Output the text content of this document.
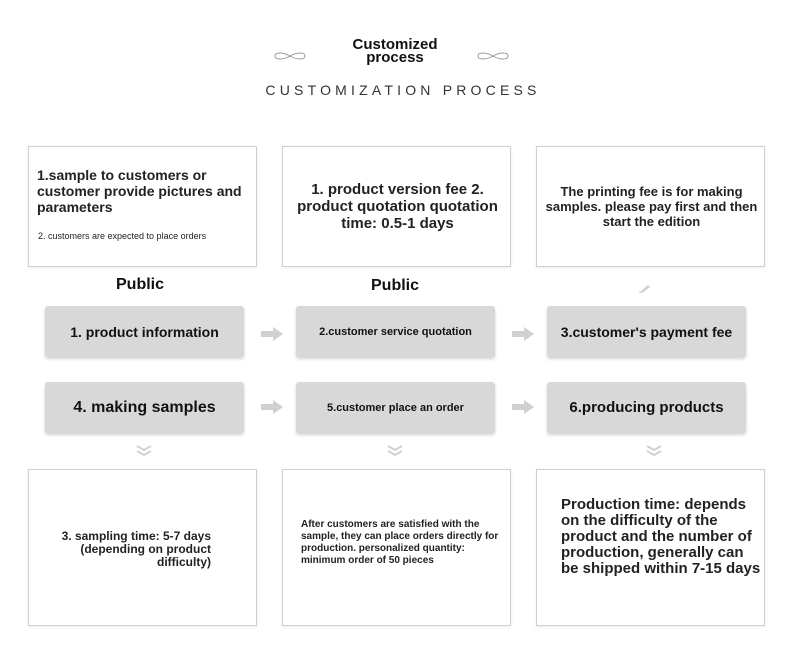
Customized
process
CUSTOMIZATION PROCESS
1.sample to customers or customer provide pictures and parameters
2. customers are expected to place orders
1. product version fee 2. product quotation quotation time: 0.5-1 days
The printing fee is for making samples. please pay first and then start the edition
Public	Public
1. product information	2.customer service quotation	3.customer's payment fee
4. making samples	5.customer place an order	6.producing products
3. sampling time: 5-7 days (depending on product difficulty)
After customers are satisfied with the sample, they can place orders directly for production. personalized quantity: minimum order of 50 pieces
Production time: depends on the difficulty of the product and the number of production, generally can be shipped within 7-15 days
